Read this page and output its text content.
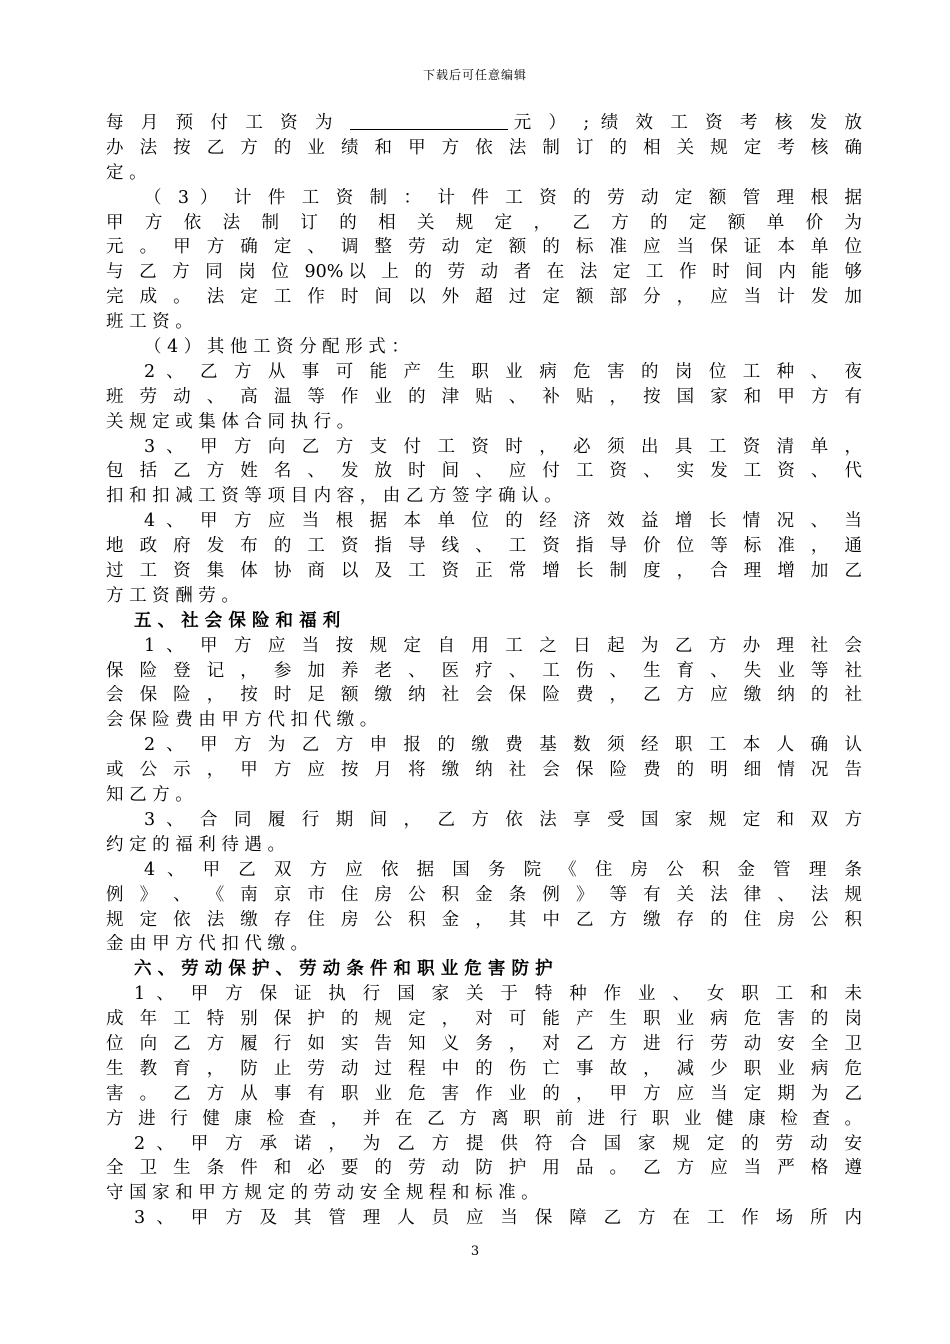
下载后可任意编辑
每 月 预 付 工 资 为	元 ） ; 绩 效 工 资 考 核 发 放
办 法 按 乙 方 的 业 绩 和 甲 方 依 法 制 订 的 相 关 规 定 考 核 确
定 。
（ 3 ） 计 件 工 资 制 ： 计 件 工 资 的 劳 动 定 额 管 理 根 据
甲 方 依 法 制 订 的 相 关 规 定 ， 乙 方 的 定 额 单 价 为
元 。 甲 方 确 定 、 调 整 劳 动 定 额 的 标 准 应 当 保 证 本 单 位
与 乙 方 同 岗 位 90%以 上 的 劳 动 者 在 法 定 工 作 时 间 内 能 够
完 成 。 法 定 工 作 时 间 以 外 超 过 定 额 部 分 ， 应 当 计 发 加
班 工 资 。
（ 4 ） 其 他 工 资 分 配 形 式 ：
2 、 乙 方 从 事 可 能 产 生 职 业 病 危 害 的 岗 位 工 种 、 夜
班 劳 动 、 高 温 等 作 业 的 津 贴 、 补 贴 ， 按 国 家 和 甲 方 有
关 规 定 或 集 体 合 同 执 行 。
3 、 甲 方 向 乙 方 支 付 工 资 时 ， 必 须 出 具 工 资 清 单 ，
包 括 乙 方 姓 名 、 发 放 时 间 、 应 付 工 资 、 实 发 工 资 、 代
扣 和 扣 减 工 资 等 项 目 内 容 ， 由 乙 方 签 字 确 认 。
4 、 甲 方 应 当 根 据 本 单 位 的 经 济 效 益 增 长 情 况 、 当
地 政 府 发 布 的 工 资 指 导 线 、 工 资 指 导 价 位 等 标 准 ， 通
过 工 资 集 体 协 商 以 及 工 资 正 常 增 长 制 度 ， 合 理 增 加 乙
方 工 资 酬 劳 。
五 、 社 会 保 险 和 福 利
1 、 甲 方 应 当 按 规 定 自 用 工 之 日 起 为 乙 方 办 理 社 会
保 险 登 记 ， 参 加 养 老 、 医 疗 、 工 伤 、 生 育 、 失 业 等 社
会 保 险 ， 按 时 足 额 缴 纳 社 会 保 险 费 ， 乙 方 应 缴 纳 的 社
会 保 险 费 由 甲 方 代 扣 代 缴 。
2 、 甲 方 为 乙 方 申 报 的 缴 费 基 数 须 经 职 工 本 人 确 认
或 公 示 ， 甲 方 应 按 月 将 缴 纳 社 会 保 险 费 的 明 细 情 况 告
知 乙 方 。
3 、 合 同 履 行 期 间 ， 乙 方 依 法 享 受 国 家 规 定 和 双 方
约 定 的 福 利 待 遇 。
4 、 甲 乙 双 方 应 依 据 国 务 院 《 住 房 公 积 金 管 理 条
例 》 、 《 南 京 市 住 房 公 积 金 条 例 》 等 有 关 法 律 、 法 规
规 定 依 法 缴 存 住 房 公 积 金 ， 其 中 乙 方 缴 存 的 住 房 公 积
金 由 甲 方 代 扣 代 缴 。
六 、 劳 动 保 护 、 劳 动 条 件 和 职 业 危 害 防 护
1 、 甲 方 保 证 执 行 国 家 关 于 特 种 作 业 、 女 职 工 和 未
成 年 工 特 别 保 护 的 规 定 ， 对 可 能 产 生 职 业 病 危 害 的 岗
位 向 乙 方 履 行 如 实 告 知 义 务 ， 对 乙 方 进 行 劳 动 安 全 卫
生 教 育 ， 防 止 劳 动 过 程 中 的 伤 亡 事 故 ， 减 少 职 业 病 危
害 。 乙 方 从 事 有 职 业 危 害 作 业 的 ， 甲 方 应 当 定 期 为 乙
方 进 行 健 康 检 查 ， 并 在 乙 方 离 职 前 进 行 职 业 健 康 检 查 。
2 、 甲 方 承 诺 ， 为 乙 方 提 供 符 合 国 家 规 定 的 劳 动 安
全 卫 生 条 件 和 必 要 的 劳 动 防 护 用 品 。 乙 方 应 当 严 格 遵
守 国 家 和 甲 方 规 定 的 劳 动 安 全 规 程 和 标 准 。
3 、 甲 方 及 其 管 理 人 员 应 当 保 障 乙 方 在 工 作 场 所 内
3
